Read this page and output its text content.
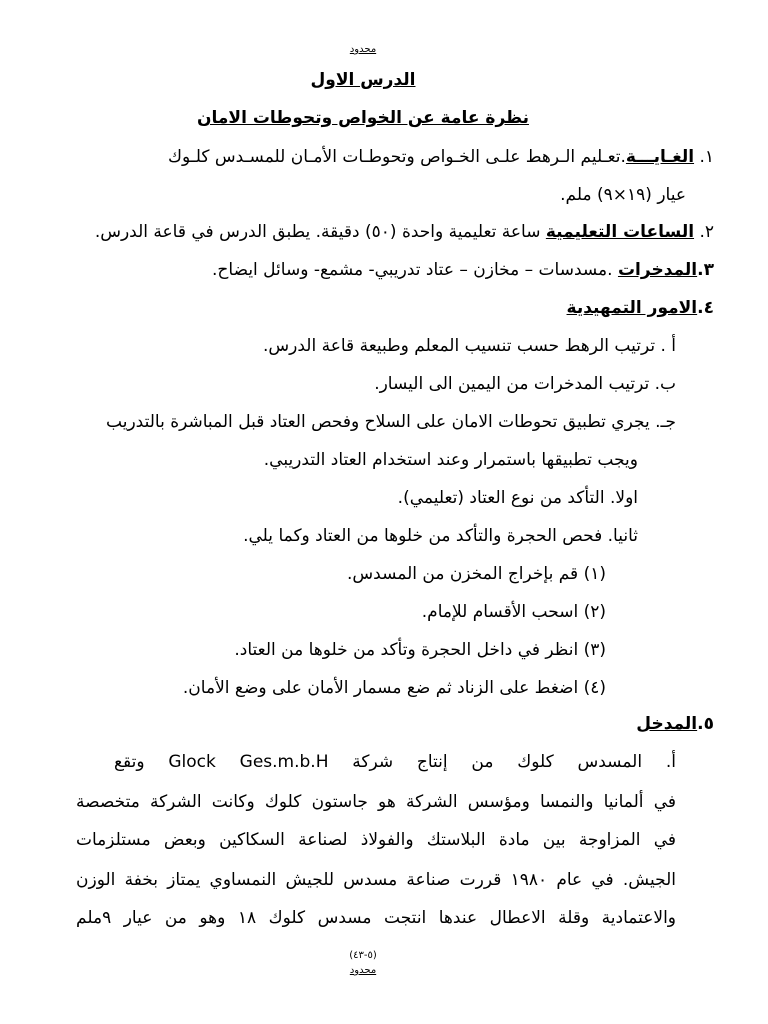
محدود
الدرس الاول
نظرة عامة عن الخواص وتحوطات الامان
١. الغـايـــة.تعـليم الـرهط علـى الخـواص وتحوطـات الأمـان للمسـدس كلـوك
عيار (١٩×٩) ملم.
٢. الساعات التعليمية ساعة تعليمية واحدة (٥٠) دقيقة. يطبق الدرس في قاعة الدرس.
٣.المدخرات .مسدسات – مخازن – عتاد تدريبي- مشمع- وسائل ايضاح.
٤.الامور التمهيدية
أ . ترتيب الرهط حسب تنسيب المعلم وطبيعة قاعة الدرس.
ب. ترتيب المدخرات من اليمين الى اليسار.
جـ. يجري تطبيق تحوطات الامان على السلاح وفحص العتاد قبل المباشرة بالتدريب
ويجب تطبيقها باستمرار وعند استخدام العتاد التدريبي.
اولا. التأكد من نوع العتاد (تعليمي).
ثانيا. فحص الحجرة والتأكد من خلوها من العتاد وكما يلي.
(١) قم بإخراج المخزن من المسدس.
(٢) اسحب الأقسام للإمام.
(٣) انظر في داخل الحجرة وتأكد من خلوها من العتاد.
(٤) اضغط على الزناد ثم ضع مسمار الأمان على وضع الأمان.
٥.المدخل
أ. المسدس كلوك من إنتاج شركة Glock Ges.m.b.H وتقع
في ألمانيا والنمسا ومؤسس الشركة هو جاستون كلوك وكانت الشركة متخصصة
في المزاوجة بين مادة البلاستك والفولاذ لصناعة السكاكين وبعض مستلزمات
الجيش. في عام ١٩٨٠ قررت صناعة مسدس للجيش النمساوي يمتاز بخفة الوزن
والاعتمادية وقلة الاعطال عندها انتجت مسدس كلوك ١٨ وهو من عيار ٩ملم
(٥-٤٣)
محدود
